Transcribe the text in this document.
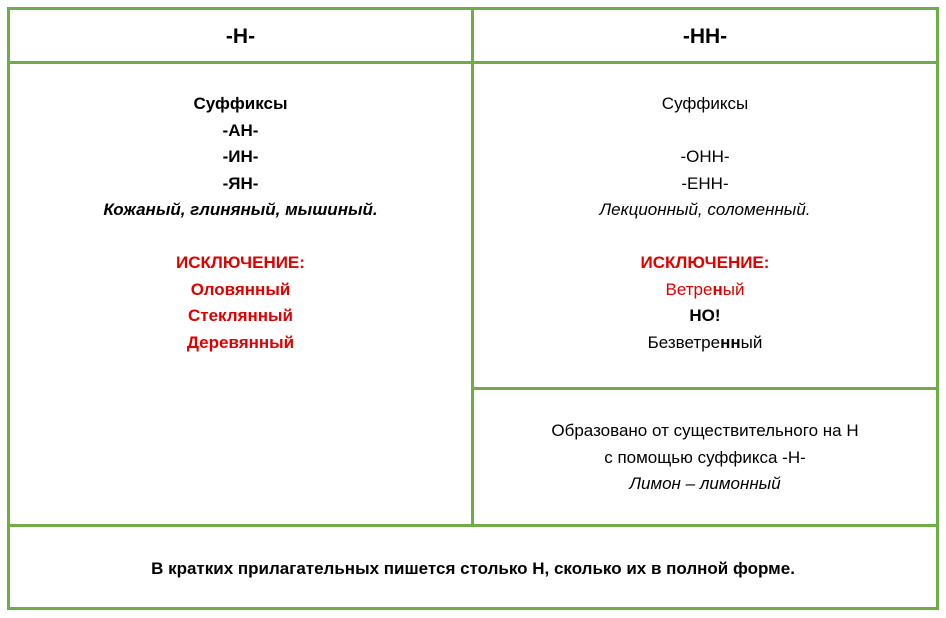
-Н-	-НН-
Суффиксы
-АН-
-ИН-
-ЯН-
Кожаный, глиняный, мышиный.
ИСКЛЮЧЕНИЕ:
Оловянный
Стеклянный
Деревянный
Суффиксы
-ОНН-
-ЕНН-
Лекционный, соломенный.
ИСКЛЮЧЕНИЕ:
Ветреный
НО!
Безветренный
Образовано от существительного на Н
с помощью суффикса -Н-
Лимон – лимонный
В кратких прилагательных пишется столько Н, сколько их в полной форме.
